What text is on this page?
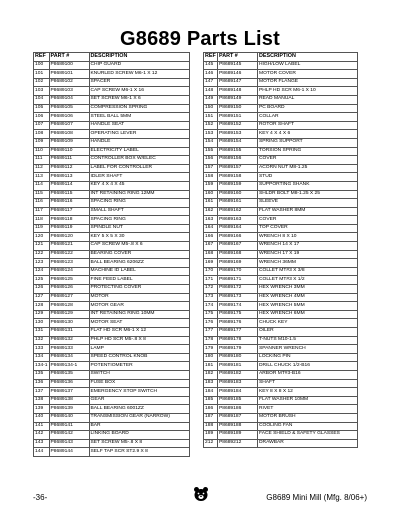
G8689 Parts List
REF	PART #	DESCRIPTION
100	P8689100	CHIP GUARD
101	P8689101	KNURLED SCREW M6-1 X 12
102	P8689102	SPACER
103	P8689103	CAP SCREW M6-1 X 16
104	P8689104	SET SCREW M6-1 X 6
105	P8689105	COMPRESSION SPRING
106	P8689106	STEEL BALL 5MM
107	P8689107	HANDLE SEAT
108	P8689108	OPERATING LEVER
109	P8689109	HANDLE
110	P8689110	ELECTRICITY LABEL
111	P8689111	CONTROLLER BOX W/ELEC
112	P8689112	LABEL FOR CONTROLLER
113	P8689113	IDLER SHAFT
114	P8689114	KEY 4 X 4 X 45
115	P8689115	INT RETAINING RING 12MM
116	P8689116	SPACING RING
117	P8689117	SMALL SHAFT
118	P8689118	SPACING RING
119	P8689119	SPINDLE NUT
120	P8689120	KEY 5 X 5 X 30
121	P8689121	CAP SCREW M5-.8 X 6
122	P8689122	BEARING COVER
123	P8689123	BALL BEARING 6206ZZ
124	P8689124	MACHINE ID LABEL
125	P8689125	FINE FEED LABEL
126	P8689126	PROTECTING COVER
127	P8689127	MOTOR
128	P8689128	MOTOR GEAR
129	P8689129	INT RETAINING RING 10MM
130	P8689130	MOTOR SEAT
131	P8689131	FLAT HD SCR M6-1 X 12
132	P8689132	PHLP HD SCR M5-.8 X 8
133	P8689133	LAMP
134	P8689134	SPEED CONTROL KNOB
134-1	P8689134-1	POTENTIOMETER
135	P8689135	SWITCH
136	P8689136	FUSE BOX
137	P8689137	EMERGENCY STOP SWITCH
138	P8689138	GEAR
139	P8689139	BALL BEARING 6001ZZ
140	P8689140	TRANSMISSION GEAR (NARROW)
141	P8689141	BAR
142	P8689142	LINKING BOARD
143	P8689143	SET SCREW M5-.8 X 8
144	P8689144	SELF TAP SCR ST2.9 X 8
REF	PART #	DESCRIPTION
145	P8689145	HIGH/LOW LABEL
146	P8689146	MOTOR COVER
147	P8689147	MOTOR FLANGE
148	P8689148	PHLP HD SCR M6-1 X 10
149	P8689149	READ MANUAL
150	P8689150	PC BOARD
151	P8689151	COLLAR
152	P8689152	ROTOR SHAFT
153	P8689153	KEY 4 X 4 X 6
154	P8689154	SPRING SUPPORT
155	P8689155	TORSION SPRING
156	P8689156	COVER
157	P8689157	ACORN NUT M8-1.25
158	P8689158	STUD
159	P8689159	SUPPORTING SHANK
160	P8689160	SHLDR BOLT M8-1.25 X 25
161	P8689161	SLEEVE
162	P8689162	FLAT WASHER 8MM
163	P8689163	COVER
164	P8689164	TOP COVER
166	P8689166	WRENCH 8 X 10
167	P8689167	WRENCH 14 X 17
168	P8689168	WRENCH 17 X 19
169	P8689169	WRENCH 36MM
170	P8689170	COLLET MT#3 X 3/8
171	P8689171	COLLET MT#3 X 1/2
172	P8689172	HEX WRENCH 3MM
173	P8689173	HEX WRENCH 4MM
174	P8689174	HEX WRENCH 5MM
175	P8689175	HEX WRENCH 6MM
176	P8689176	CHUCK KEY
177	P8689177	OILER
178	P8689178	T-NUTS M10-1.5
179	P8689179	SPANNER WRENCH
180	P8689180	LOCKING PIN
181	P8689181	DRILL CHUCK 1/2-B16
182	P8689182	ARBOR MT#3-B16
183	P8689183	SHAFT
184	P8689184	KEY 8 X 8 X 12
185	P8689185	FLAT WASHER 10MM
186	P8689186	RIVET
187	P8689187	MOTOR BRUSH
188	P8689188	COOLING FAN
189	P8689189	FACE SHIELD & SAFETY GLASSES
212	P8689212	DRAWBAR
-36-	G8689 Mini Mill (Mfg. 8/06+)
